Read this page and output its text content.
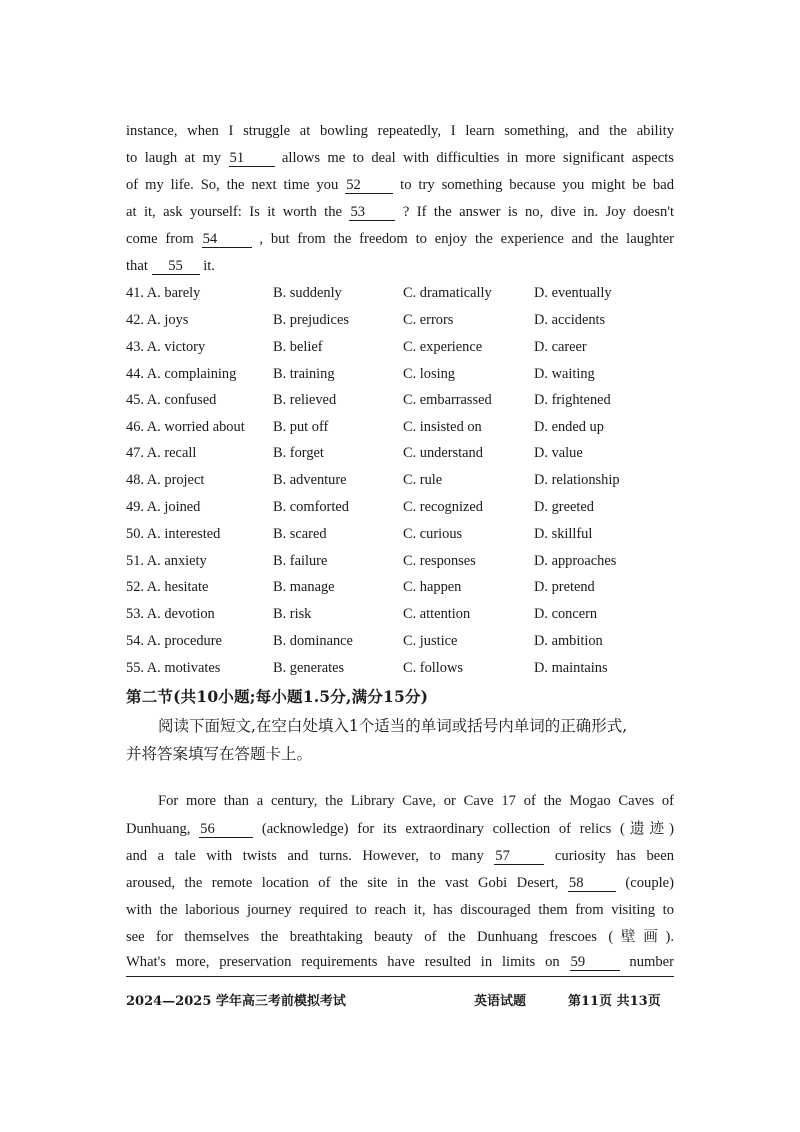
instance, when I struggle at bowling repeatedly, I learn something, and the ability
to laugh at my 51	allows me to deal with difficulties in more significant aspects
of my life. So, the next time you 52	to try something because you might be bad
at it, ask yourself: Is it worth the 53	? If the answer is no, dive in. Joy doesn't
come from 54	, but from the freedom to enjoy the experience and the laughter
that 55 it.
41. A. barely	B. suddenly	C. dramatically	D. eventually
42. A. joys	B. prejudices	C. errors	D. accidents
43. A. victory	B. belief	C. experience	D. career
44. A. complaining	B. training	C. losing	D. waiting
45. A. confused	B. relieved	C. embarrassed	D. frightened
46. A. worried about B. put off	C. insisted on	D. ended up
47. A. recall	B. forget	C. understand	D. value
48. A. project	B. adventure	C. rule	D. relationship
49. A. joined	B. comforted	C. recognized	D. greeted
50. A. interested	B. scared	C. curious	D. skillful
51. A. anxiety	B. failure	C. responses	D. approaches
52. A. hesitate	B. manage	C. happen	D. pretend
53. A. devotion	B. risk	C. attention	D. concern
54. A. procedure	B. dominance	C. justice	D. ambition
55. A. motivates	B. generates	C. follows	D. maintains
第二节(共10小题;每小题1.5分,满分15分)
阅读下面短文,在空白处填入1个适当的单词或括号内单词的正确形式,
并将答案填写在答题卡上。
For more than a century, the Library Cave, or Cave 17 of the Mogao Caves of
Dunhuang, 56	(acknowledge) for its extraordinary collection of relics (遗迹)
and a tale with twists and turns. However, to many 57	curiosity has been
aroused, the remote location of the site in the vast Gobi Desert, 58	(couple)
with the laborious journey required to reach it, has discouraged them from visiting to
see for themselves the breathtaking beauty of the Dunhuang frescoes (壁画).
What's more, preservation requirements have resulted in limits on 59	number
2024—2025 学年高三考前模拟考试	英语试题	第11页 共13页
